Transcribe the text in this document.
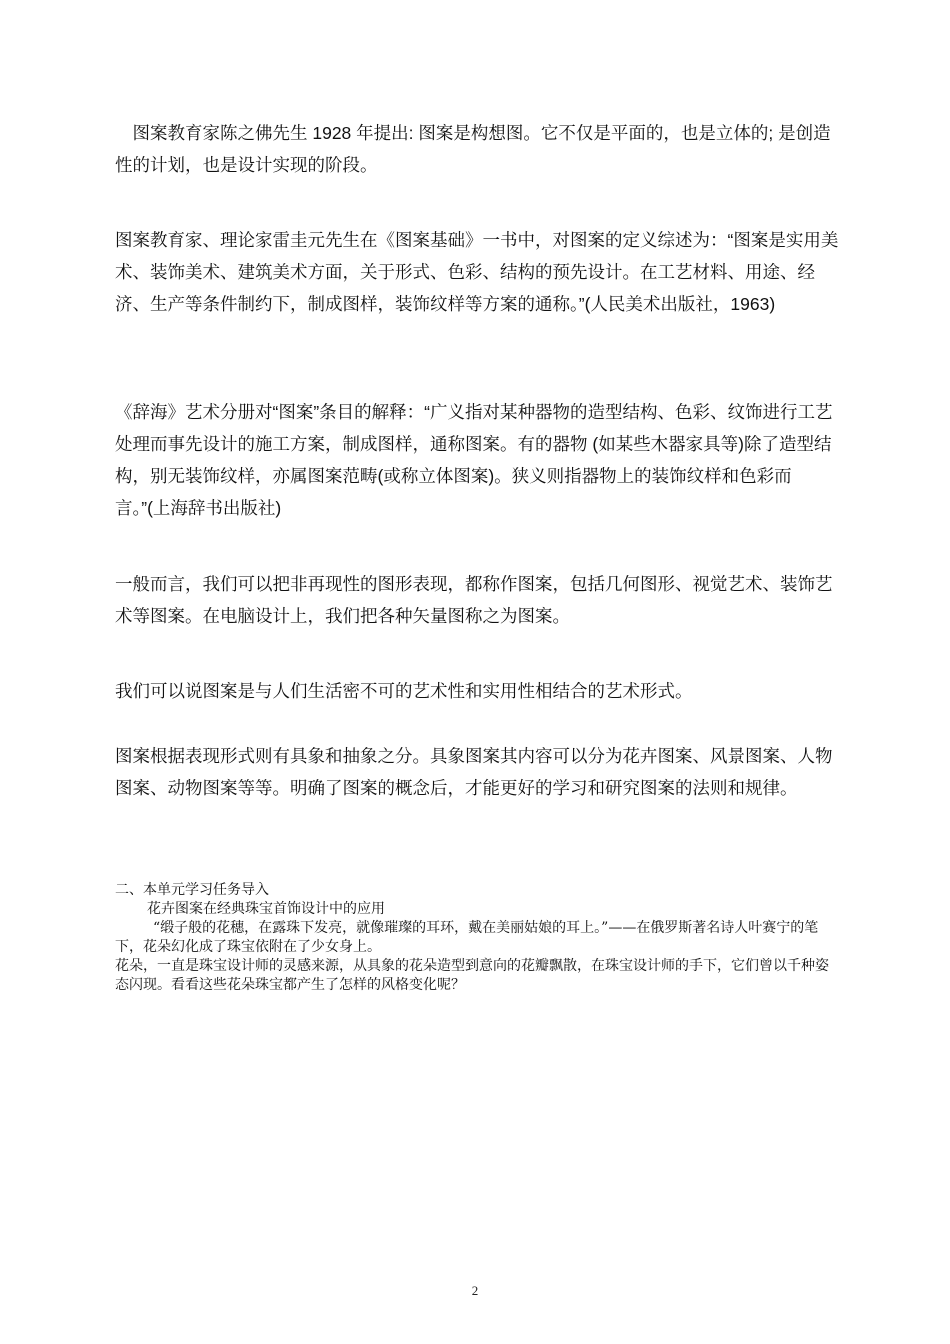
　图案教育家陈之佛先生 1928 年提出: 图案是构想图。它不仅是平面的，也是立体的; 是创造性的计划，也是设计实现的阶段。

图案教育家、理论家雷圭元先生在《图案基础》一书中，对图案的定义综述为：“图案是实用美术、装饰美术、建筑美术方面，关于形式、色彩、结构的预先设计。在工艺材料、用途、经济、生产等条件制约下，制成图样，装饰纹样等方案的通称。”(人民美术出版社，1963)

《辞海》艺术分册对“图案”条目的解释：“广义指对某种器物的造型结构、色彩、纹饰进行工艺处理而事先设计的施工方案，制成图样，通称图案。有的器物 (如某些木器家具等)除了造型结构，别无装饰纹样，亦属图案范畴(或称立体图案)。狭义则指器物上的装饰纹样和色彩而言。”(上海辞书出版社)

一般而言，我们可以把非再现性的图形表现，都称作图案，包括几何图形、视觉艺术、装饰艺术等图案。在电脑设计上，我们把各种矢量图称之为图案。

我们可以说图案是与人们生活密不可的艺术性和实用性相结合的艺术形式。

图案根据表现形式则有具象和抽象之分。具象图案其内容可以分为花卉图案、风景图案、人物图案、动物图案等等。明确了图案的概念后，才能更好的学习和研究图案的法则和规律。

二、本单元学习任务导入

花卉图案在经典珠宝首饰设计中的应用

“缎子般的花穗，在露珠下发亮，就像璀璨的耳环，戴在美丽姑娘的耳上。”——在俄罗斯著名诗人叶赛宁的笔下，花朵幻化成了珠宝依附在了少女身上。

花朵，一直是珠宝设计师的灵感来源，从具象的花朵造型到意向的花瓣飘散，在珠宝设计师的手下，它们曾以千种姿态闪现。看看这些花朵珠宝都产生了怎样的风格变化呢？

2
